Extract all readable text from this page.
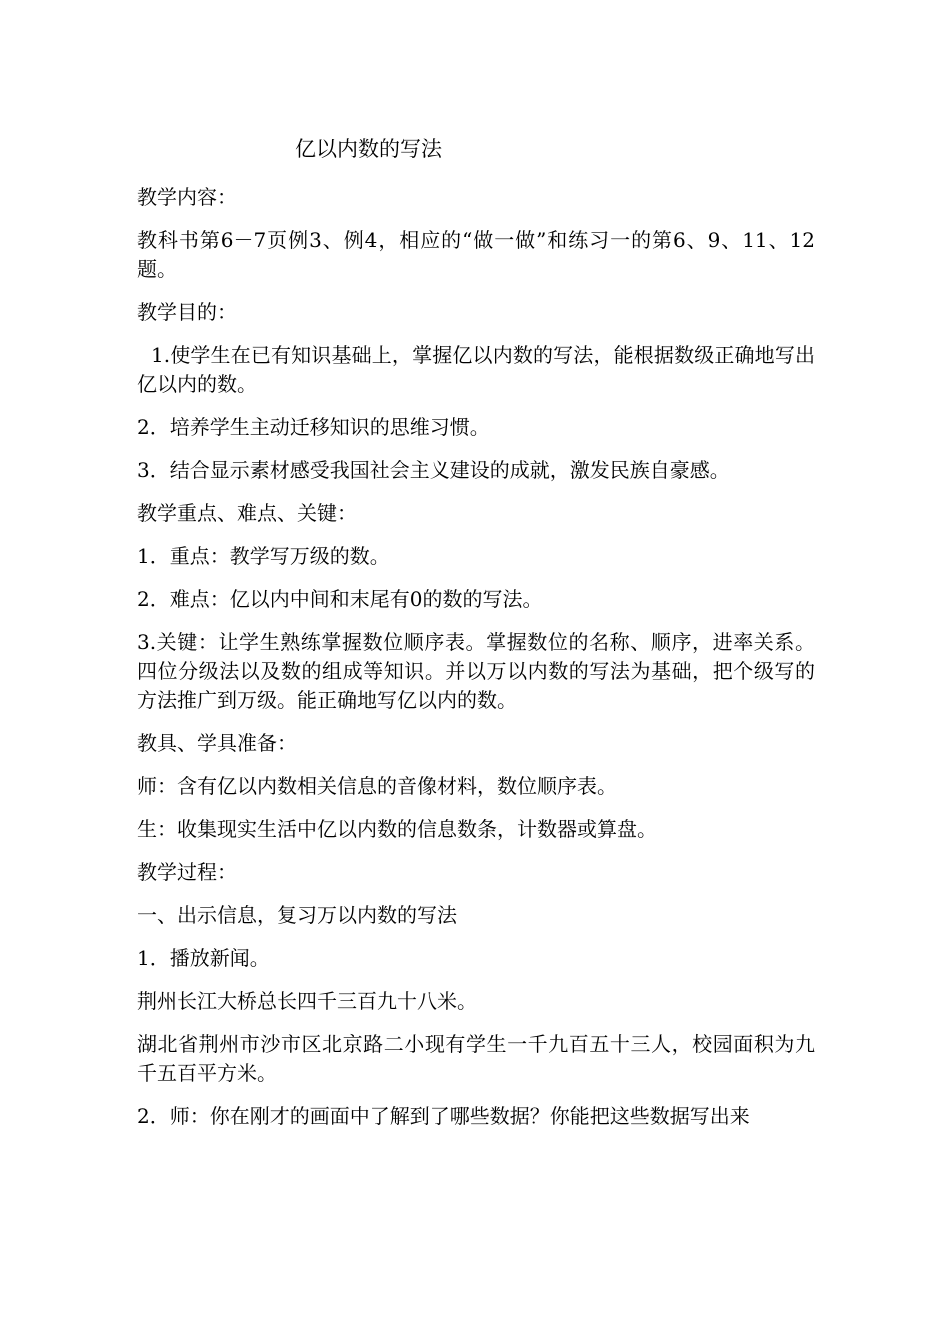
亿以内数的写法

教学内容：

教科书第6－7页例3、例4，相应的“做一做”和练习一的第6、9、11、12题。

教学目的：

1.使学生在已有知识基础上，掌握亿以内数的写法，能根据数级正确地写出亿以内的数。

2．培养学生主动迁移知识的思维习惯。

3．结合显示素材感受我国社会主义建设的成就，激发民族自豪感。

教学重点、难点、关键：

1．重点：教学写万级的数。

2．难点：亿以内中间和末尾有0的数的写法。

3.关键：让学生熟练掌握数位顺序表。掌握数位的名称、顺序，进率关系。四位分级法以及数的组成等知识。并以万以内数的写法为基础，把个级写的方法推广到万级。能正确地写亿以内的数。

教具、学具准备：

师：含有亿以内数相关信息的音像材料，数位顺序表。

生：收集现实生活中亿以内数的信息数条，计数器或算盘。

教学过程：

一、出示信息，复习万以内数的写法

1．播放新闻。

荆州长江大桥总长四千三百九十八米。

湖北省荆州市沙市区北京路二小现有学生一千九百五十三人，校园面积为九千五百平方米。

2．师：你在刚才的画面中了解到了哪些数据？你能把这些数据写出来
